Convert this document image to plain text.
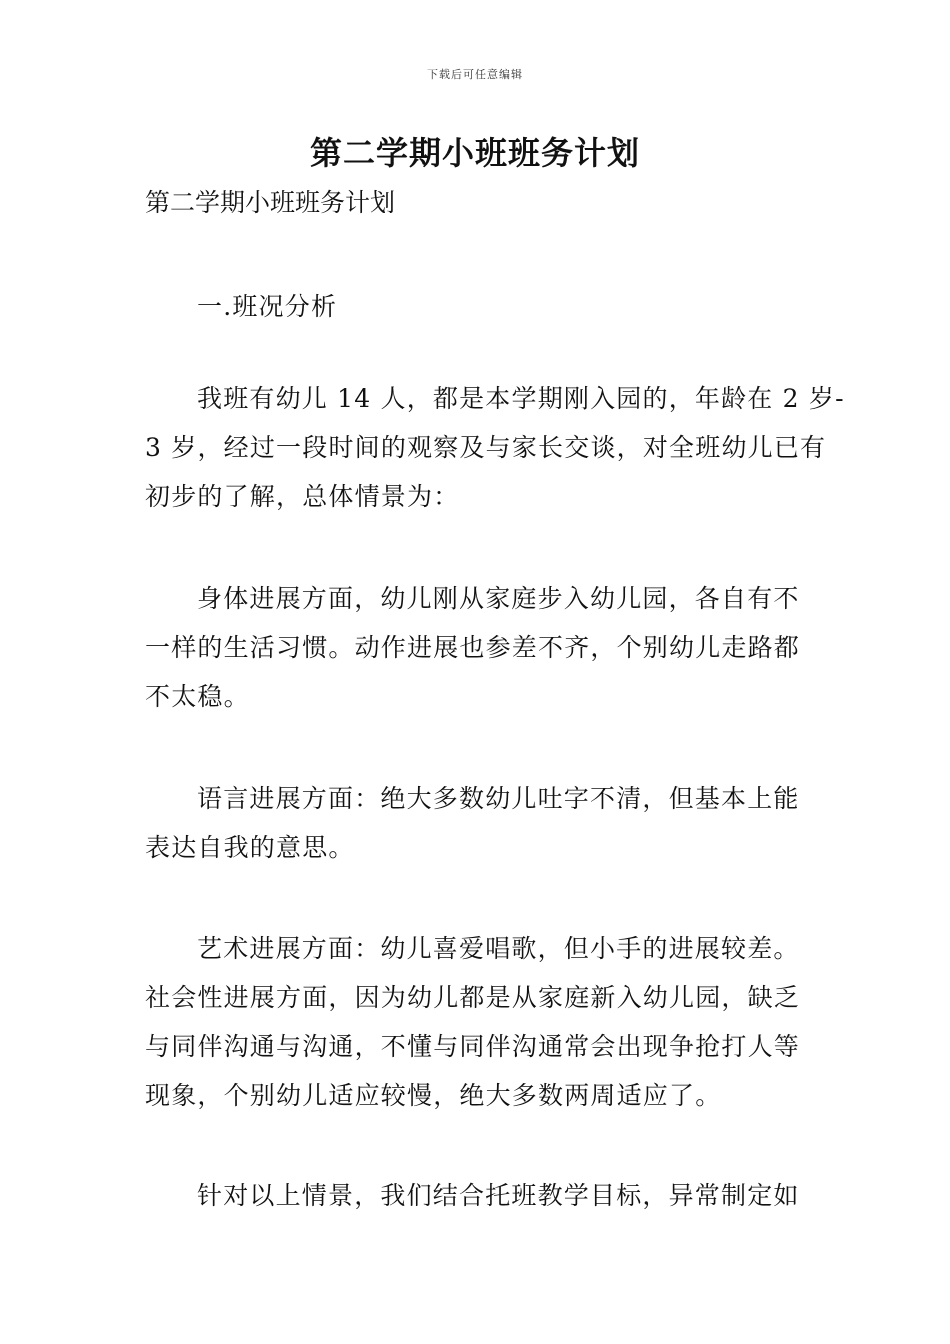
下载后可任意编辑
第二学期小班班务计划
第二学期小班班务计划

一.班况分析

我班有幼儿 14 人，都是本学期刚入园的，年龄在 2 岁-
3 岁，经过一段时间的观察及与家长交谈，对全班幼儿已有
初步的了解，总体情景为：

身体进展方面，幼儿刚从家庭步入幼儿园，各自有不
一样的生活习惯。动作进展也参差不齐，个别幼儿走路都
不太稳。

语言进展方面：绝大多数幼儿吐字不清，但基本上能
表达自我的意思。

艺术进展方面：幼儿喜爱唱歌，但小手的进展较差。
社会性进展方面，因为幼儿都是从家庭新入幼儿园，缺乏
与同伴沟通与沟通，不懂与同伴沟通常会出现争抢打人等
现象，个别幼儿适应较慢，绝大多数两周适应了。

针对以上情景，我们结合托班教学目标，异常制定如
